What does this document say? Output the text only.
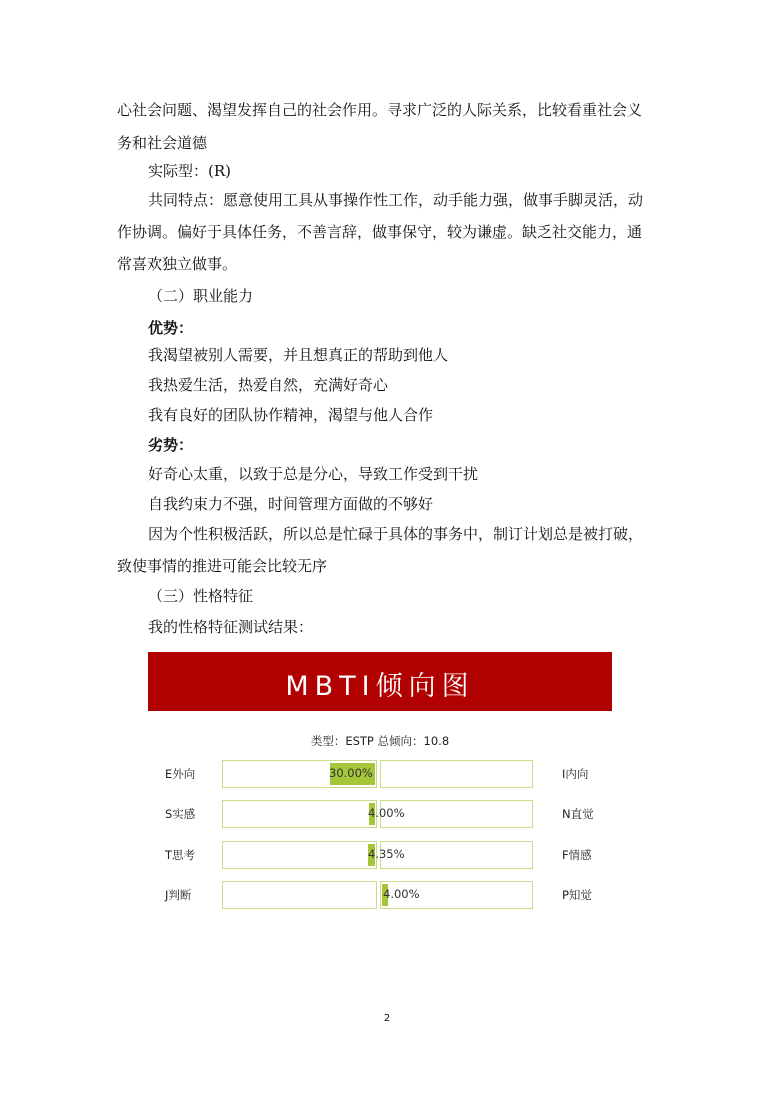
心社会问题、渴望发挥自己的社会作用。寻求广泛的人际关系，比较看重社会义
务和社会道德
实际型：(R)
共同特点：愿意使用工具从事操作性工作，动手能力强，做事手脚灵活，动
作协调。偏好于具体任务，不善言辞，做事保守，较为谦虚。缺乏社交能力，通
常喜欢独立做事。
（二）职业能力
优势：
我渴望被别人需要，并且想真正的帮助到他人
我热爱生活，热爱自然，充满好奇心
我有良好的团队协作精神，渴望与他人合作
劣势：
好奇心太重，以致于总是分心，导致工作受到干扰
自我约束力不强，时间管理方面做的不够好
因为个性积极活跃，所以总是忙碌于具体的事务中，制订计划总是被打破，
致使事情的推进可能会比较无序
（三）性格特征
我的性格特征测试结果：
MBTI倾向图
类型：ESTP 总倾向：10.8
E外向	30.00%	I内向
S实感	4.00%	N直觉
T思考	4.35%	F情感
J判断	4.00%	P知觉
2
